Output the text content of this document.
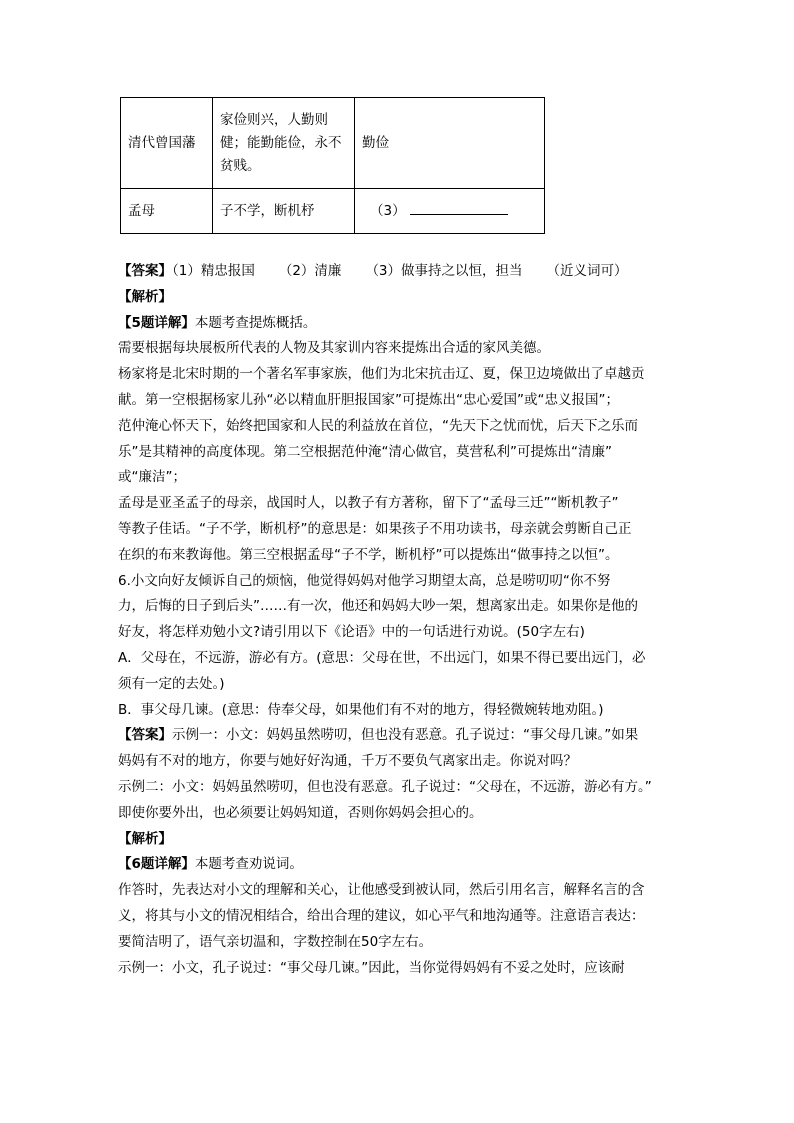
清代曾国藩	家俭则兴，人勤则
健；能勤能俭，永不
贫贱。	勤俭
孟母	子不学，断机杼	（3）
【答案】（1）精忠报国 （2）清廉 （3）做事持之以恒，担当 （近义词可）
【解析】
【5题详解】本题考查提炼概括。
需要根据每块展板所代表的人物及其家训内容来提炼出合适的家风美德。
杨家将是北宋时期的一个著名军事家族，他们为北宋抗击辽、夏，保卫边境做出了卓越贡
献。第一空根据杨家儿孙“必以精血肝胆报国家”可提炼出“忠心爱国”或“忠义报国”；
范仲淹心怀天下，始终把国家和人民的利益放在首位，“先天下之忧而忧，后天下之乐而
乐”是其精神的高度体现。第二空根据范仲淹“清心做官，莫营私利”可提炼出“清廉”
或“廉洁”；
孟母是亚圣孟子的母亲，战国时人，以教子有方著称，留下了“孟母三迁”“断机教子”
等教子佳话。“子不学，断机杼”的意思是：如果孩子不用功读书，母亲就会剪断自己正
在织的布来教诲他。第三空根据孟母“子不学，断机杼”可以提炼出“做事持之以恒”。
6.小文向好友倾诉自己的烦恼，他觉得妈妈对他学习期望太高，总是唠叨叨“你不努
力，后悔的日子到后头”……有一次，他还和妈妈大吵一架，想离家出走。如果你是他的
好友，将怎样劝勉小文?请引用以下《论语》中的一句话进行劝说。(50字左右)
A．父母在，不远游，游必有方。(意思：父母在世，不出远门，如果不得已要出远门，必
须有一定的去处。)
B．事父母几谏。(意思：侍奉父母，如果他们有不对的地方，得轻微婉转地劝阻。)
【答案】示例一：小文：妈妈虽然唠叨，但也没有恶意。孔子说过：“事父母几谏。”如果
妈妈有不对的地方，你要与她好好沟通，千万不要负气离家出走。你说对吗？
示例二：小文：妈妈虽然唠叨，但也没有恶意。孔子说过：“父母在，不远游，游必有方。”
即使你要外出，也必须要让妈妈知道，否则你妈妈会担心的。
【解析】
【6题详解】本题考查劝说词。
作答时，先表达对小文的理解和关心，让他感受到被认同，然后引用名言，解释名言的含
义，将其与小文的情况相结合，给出合理的建议，如心平气和地沟通等。注意语言表达：
要简洁明了，语气亲切温和，字数控制在50字左右。
示例一：小文，孔子说过：“事父母几谏。”因此，当你觉得妈妈有不妥之处时，应该耐
